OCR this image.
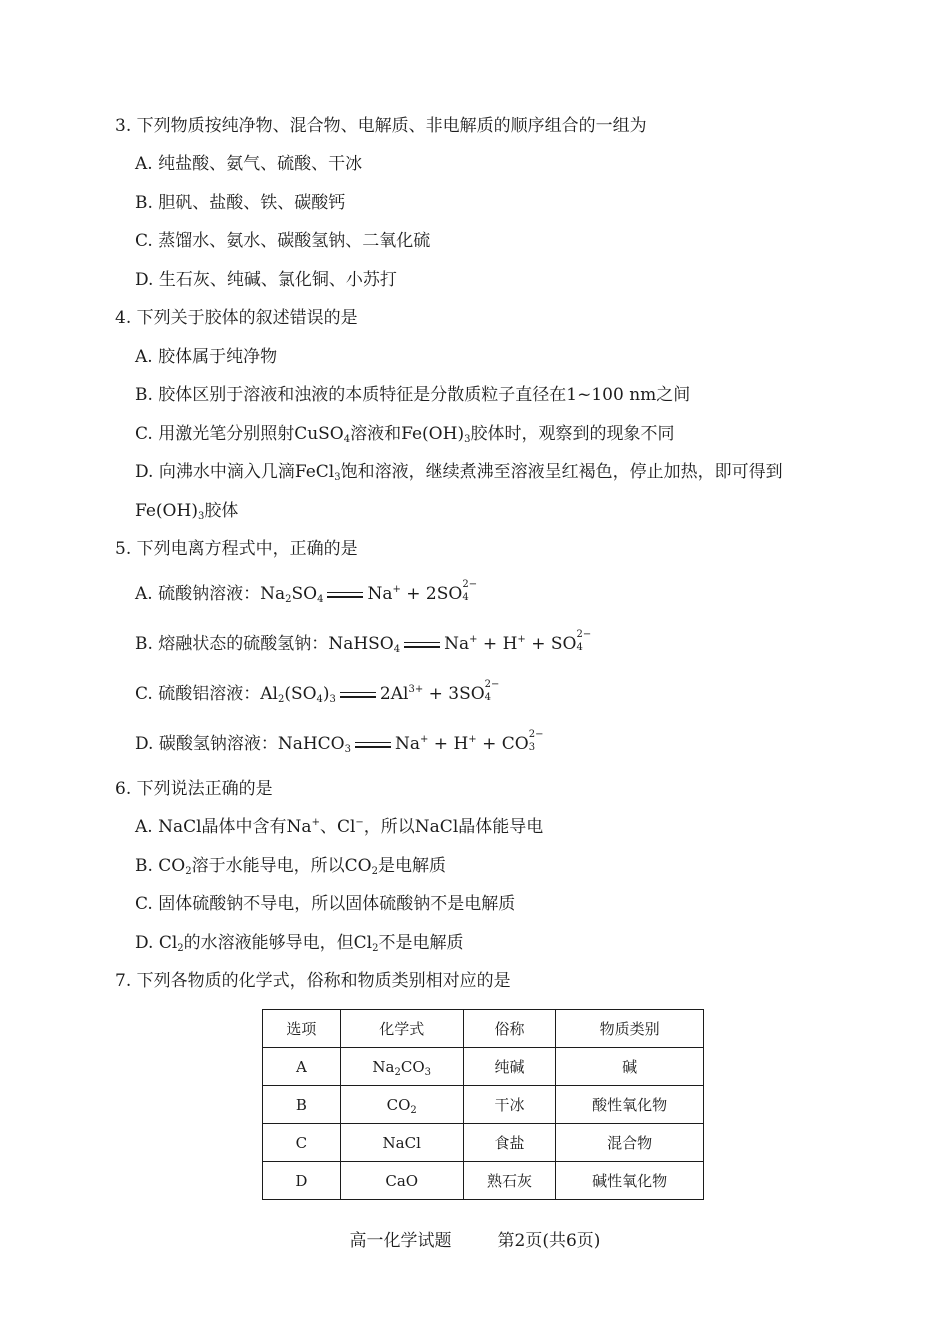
3. 下列物质按纯净物、混合物、电解质、非电解质的顺序组合的一组为
A. 纯盐酸、氨气、硫酸、干冰
B. 胆矾、盐酸、铁、碳酸钙
C. 蒸馏水、氨水、碳酸氢钠、二氧化硫
D. 生石灰、纯碱、氯化铜、小苏打
4. 下列关于胶体的叙述错误的是
A. 胶体属于纯净物
B. 胶体区别于溶液和浊液的本质特征是分散质粒子直径在1~100 nm之间
C. 用激光笔分别照射CuSO$_4$溶液和$Fe(OH)_3$胶体时，观察到的现象不同
D. 向沸水中滴入几滴FeCl$_3$饱和溶液，继续煮沸至溶液呈红褐色，停止加热，即可得到
$Fe(OH)_3$胶体
5. 下列电离方程式中，正确的是
A. 硫酸钠溶液：$Na_2SO_4$	Na+ + 2SO 2−
4
B. 熔融状态的硫酸氢钠：NaHSO$_4$	Na+ + H+ + SO 2−
4
C. 硫酸铝溶液：$Al_2(SO_4)_3$	$2Al^{3+} + 3SO$ 2−
4
D. 碳酸氢钠溶液：NaHCO$_3$	Na+ + H+ + CO 2−
3
6. 下列说法正确的是
A. NaCl晶体中含有Na+、Cl−，所以NaCl晶体能导电
B. $CO_2$溶于水能导电，所以$CO_2$是电解质
C. 固体硫酸钠不导电，所以固体硫酸钠不是电解质
D. $Cl_2$的水溶液能够导电，但$Cl_2$不是电解质
7. 下列各物质的化学式，俗称和物质类别相对应的是
选项	化学式	俗称	物质类别
A	$Na_2CO_3$	纯碱	碱
B	$CO_2$	干冰	酸性氧化物
C	NaCl	食盐	混合物
D	CaO	熟石灰	碱性氧化物
高一化学试题	第2页(共6页)
